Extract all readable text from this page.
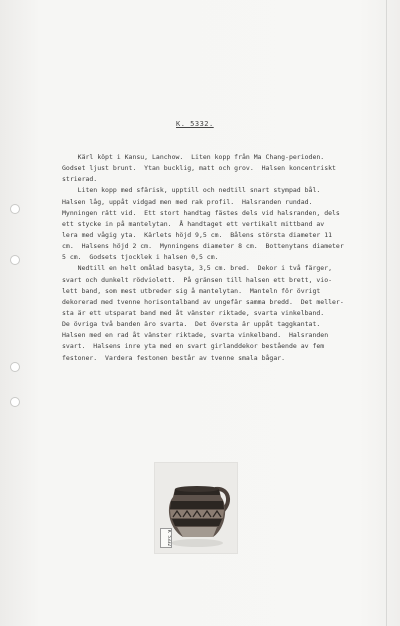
K. 5332.
Kärl köpt i Kansu, Lanchow.  Liten kopp från Ma Chang-perioden.
Godset ljust brunt.  Ytan bucklig, matt och grov.  Halsen koncentriskt
strierad.
Liten kopp med sfärisk, upptill och nedtill snart stympad bål.
Halsen låg, uppåt vidgad men med rak profil.  Halsranden rundad.
Mynningen rätt vid.  Ett stort handtag fästes dels vid halsranden, dels
ett stycke in på mantelytan.  Å handtaget ett vertikalt mittband av
lera med vågig yta.  Kärlets höjd 9,5 cm.  Bålens största diameter 11
cm.  Halsens höjd 2 cm.  Mynningens diameter 8 cm.  Bottenytans diameter
5 cm.  Godsets tjocklek i halsen 0,5 cm.
Nedtill en helt omålad basyta, 3,5 cm. bred.  Dekor i två färger,
svart och dunkelt rödviolett.  På gränsen till halsen ett brett, vio-
lett band, som mest utbreder sig å mantelytan.  Manteln för övrigt
dekorerad med tvenne horisontalband av ungefär samma bredd.  Det meller-
sta är ett utsparat band med åt vänster riktade, svarta vinkelband.
De övriga två banden äro svarta.  Det översta är uppåt taggkantat.
Halsen med en rad åt vänster riktade, svarta vinkelband.  Halsranden
svart.  Halsens inre yta med en svart girlanddekor bestående av fem
festoner.  Vardera festonen består av tvenne smala bågar.
K 5332
